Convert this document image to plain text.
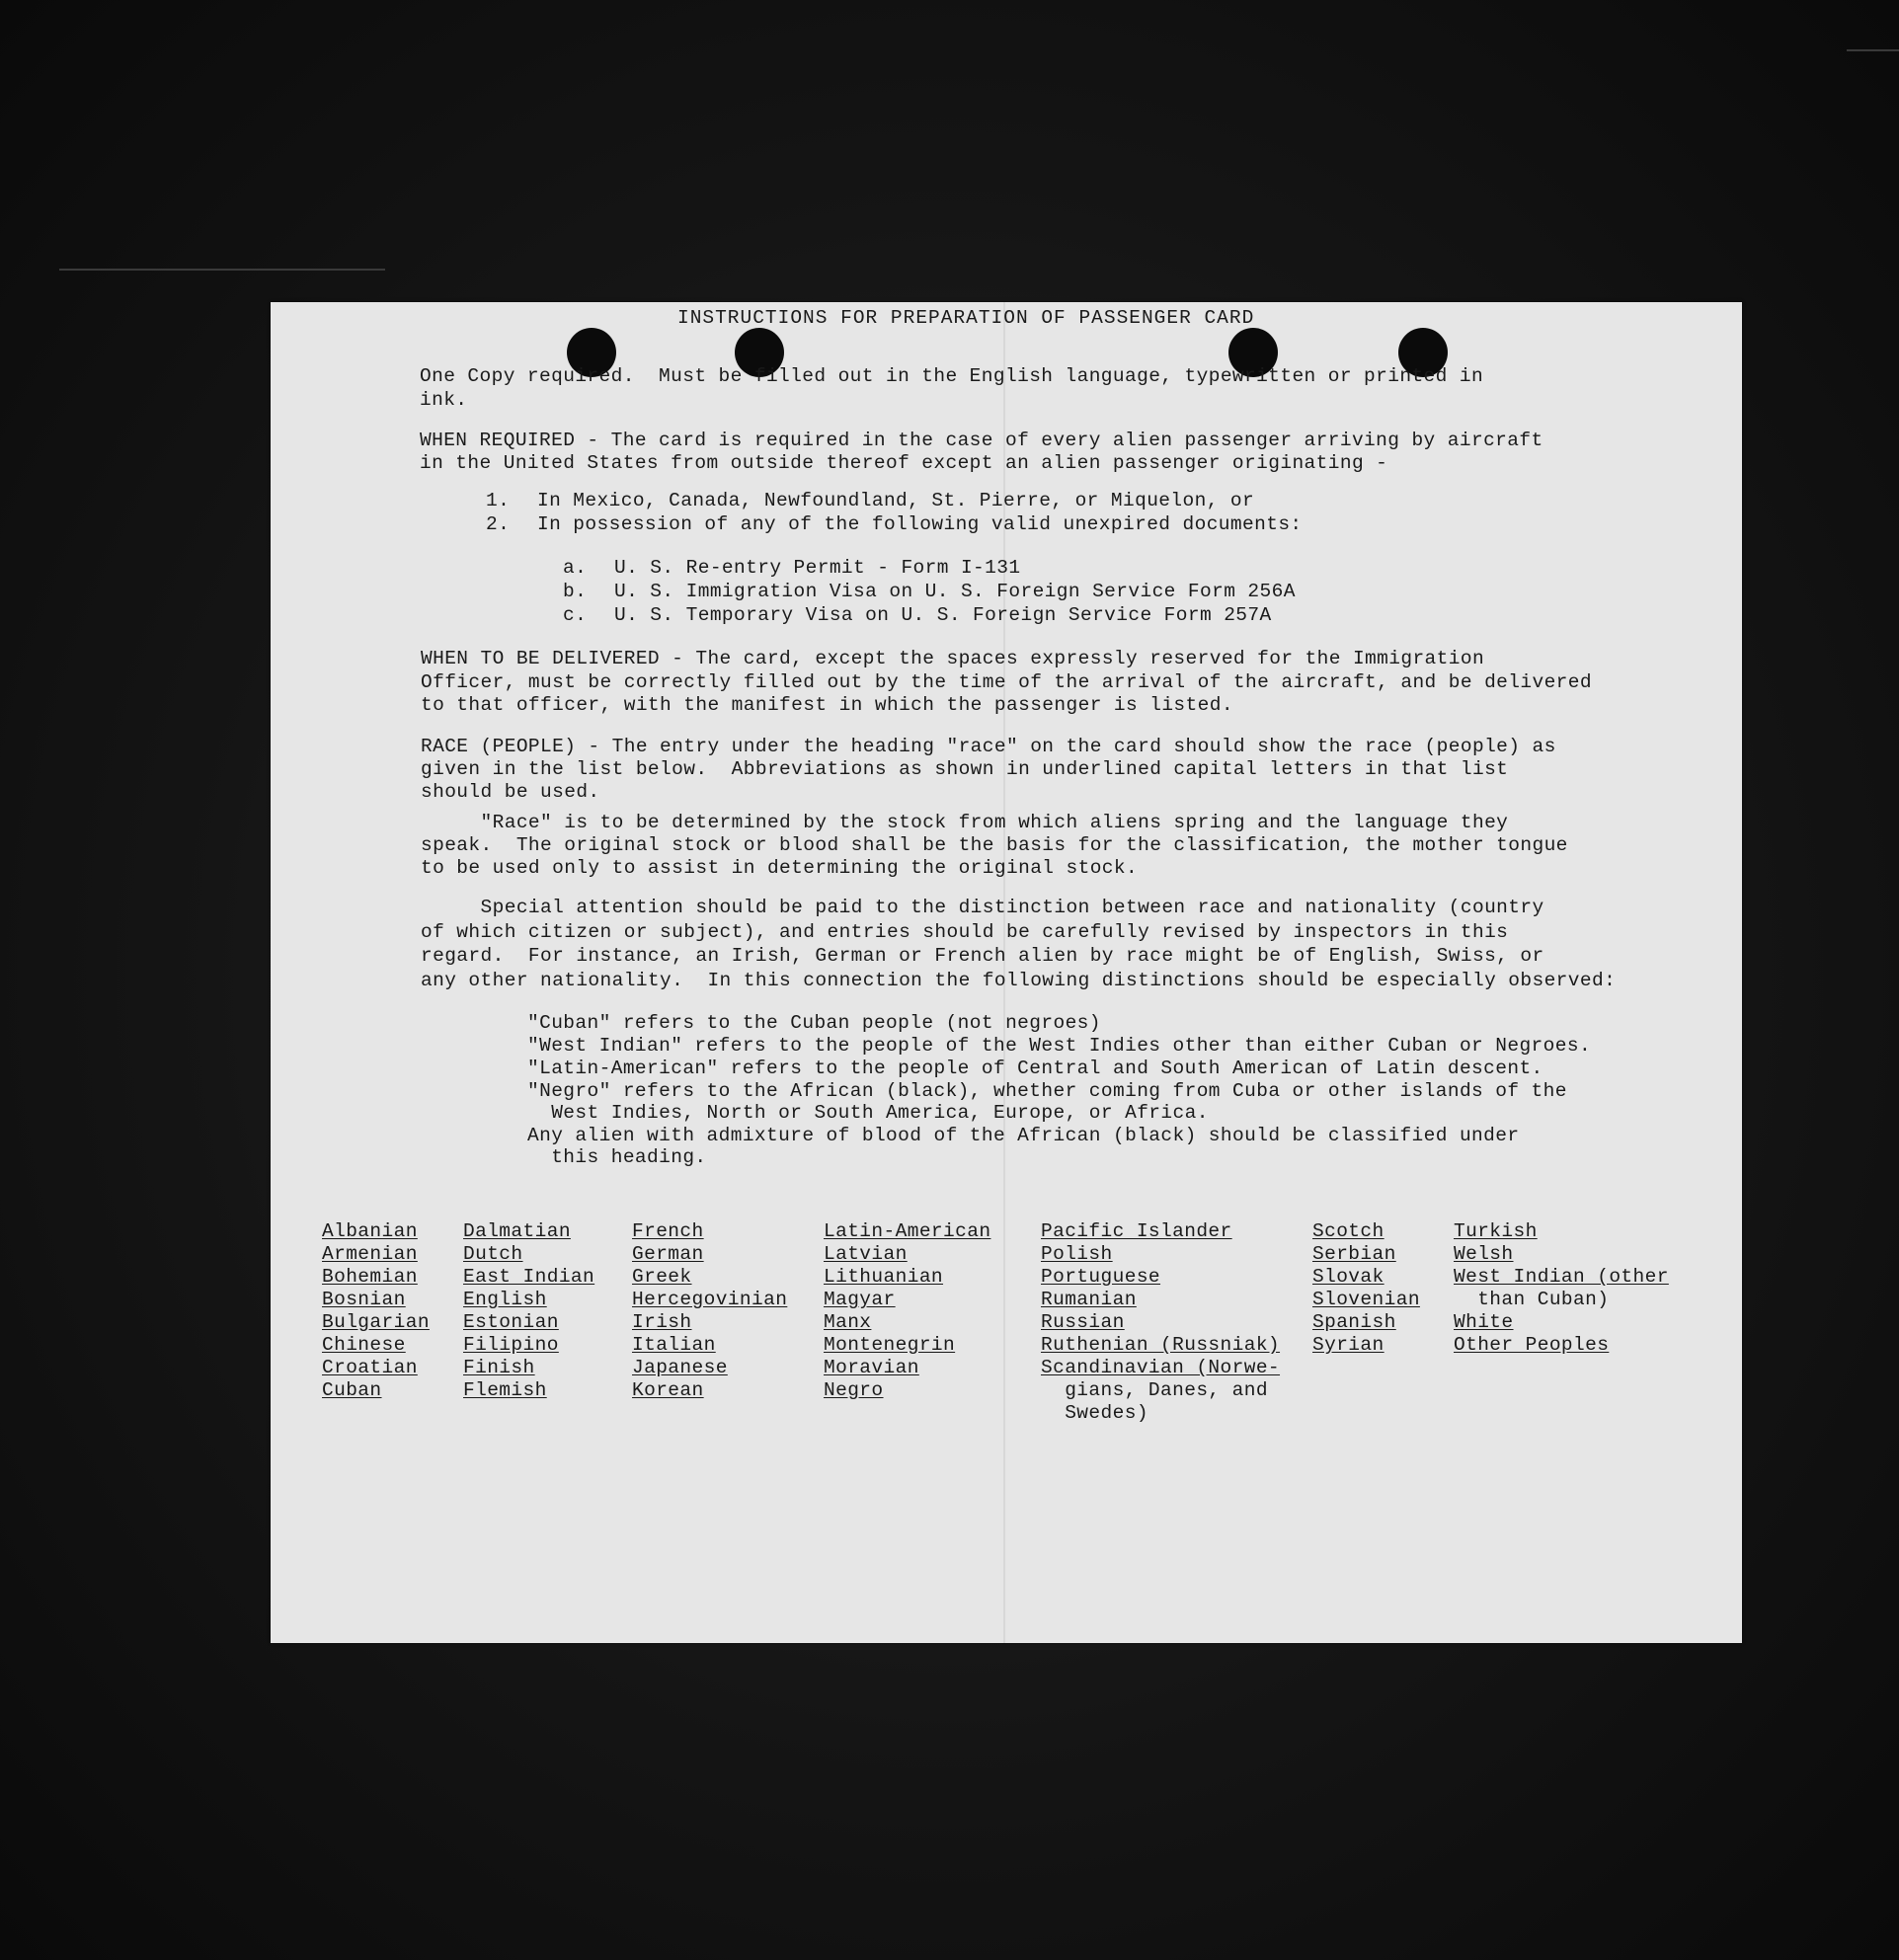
INSTRUCTIONS FOR PREPARATION OF PASSENGER CARD
One Copy required.  Must be filled out in the English language, typewritten or printed in
ink.
WHEN REQUIRED - The card is required in the case of every alien passenger arriving by aircraft
in the United States from outside thereof except an alien passenger originating -
1. In Mexico, Canada, Newfoundland, St. Pierre, or Miquelon, or
2. In possession of any of the following valid unexpired documents:
a. U. S. Re-entry Permit - Form I-131
b. U. S. Immigration Visa on U. S. Foreign Service Form 256A
c. U. S. Temporary Visa on U. S. Foreign Service Form 257A
WHEN TO BE DELIVERED - The card, except the spaces expressly reserved for the Immigration
Officer, must be correctly filled out by the time of the arrival of the aircraft, and be delivered
to that officer, with the manifest in which the passenger is listed.
RACE (PEOPLE) - The entry under the heading "race" on the card should show the race (people) as
given in the list below.  Abbreviations as shown in underlined capital letters in that list
should be used.
"Race" is to be determined by the stock from which aliens spring and the language they
speak.  The original stock or blood shall be the basis for the classification, the mother tongue
to be used only to assist in determining the original stock.
Special attention should be paid to the distinction between race and nationality (country
of which citizen or subject), and entries should be carefully revised by inspectors in this
regard.  For instance, an Irish, German or French alien by race might be of English, Swiss, or
any other nationality.  In this connection the following distinctions should be especially observed:
"Cuban" refers to the Cuban people (not negroes)
"West Indian" refers to the people of the West Indies other than either Cuban or Negroes.
"Latin-American" refers to the people of Central and South American of Latin descent.
"Negro" refers to the African (black), whether coming from Cuba or other islands of the
West Indies, North or South America, Europe, or Africa.
Any alien with admixture of blood of the African (black) should be classified under
this heading.
Albanian
Armenian
Bohemian
Bosnian
Bulgarian
Chinese
Croatian
Cuban
Dalmatian
Dutch
East Indian
English
Estonian
Filipino
Finish
Flemish
French
German
Greek
Hercegovinian
Irish
Italian
Japanese
Korean
Latin-American
Latvian
Lithuanian
Magyar
Manx
Montenegrin
Moravian
Negro
Pacific Islander
Polish
Portuguese
Rumanian
Russian
Ruthenian (Russniak)
Scandinavian (Norwe-
gians, Danes, and
Swedes)
Scotch
Serbian
Slovak
Slovenian
Spanish
Syrian
Turkish
Welsh
West Indian (other
than Cuban)
White
Other Peoples
